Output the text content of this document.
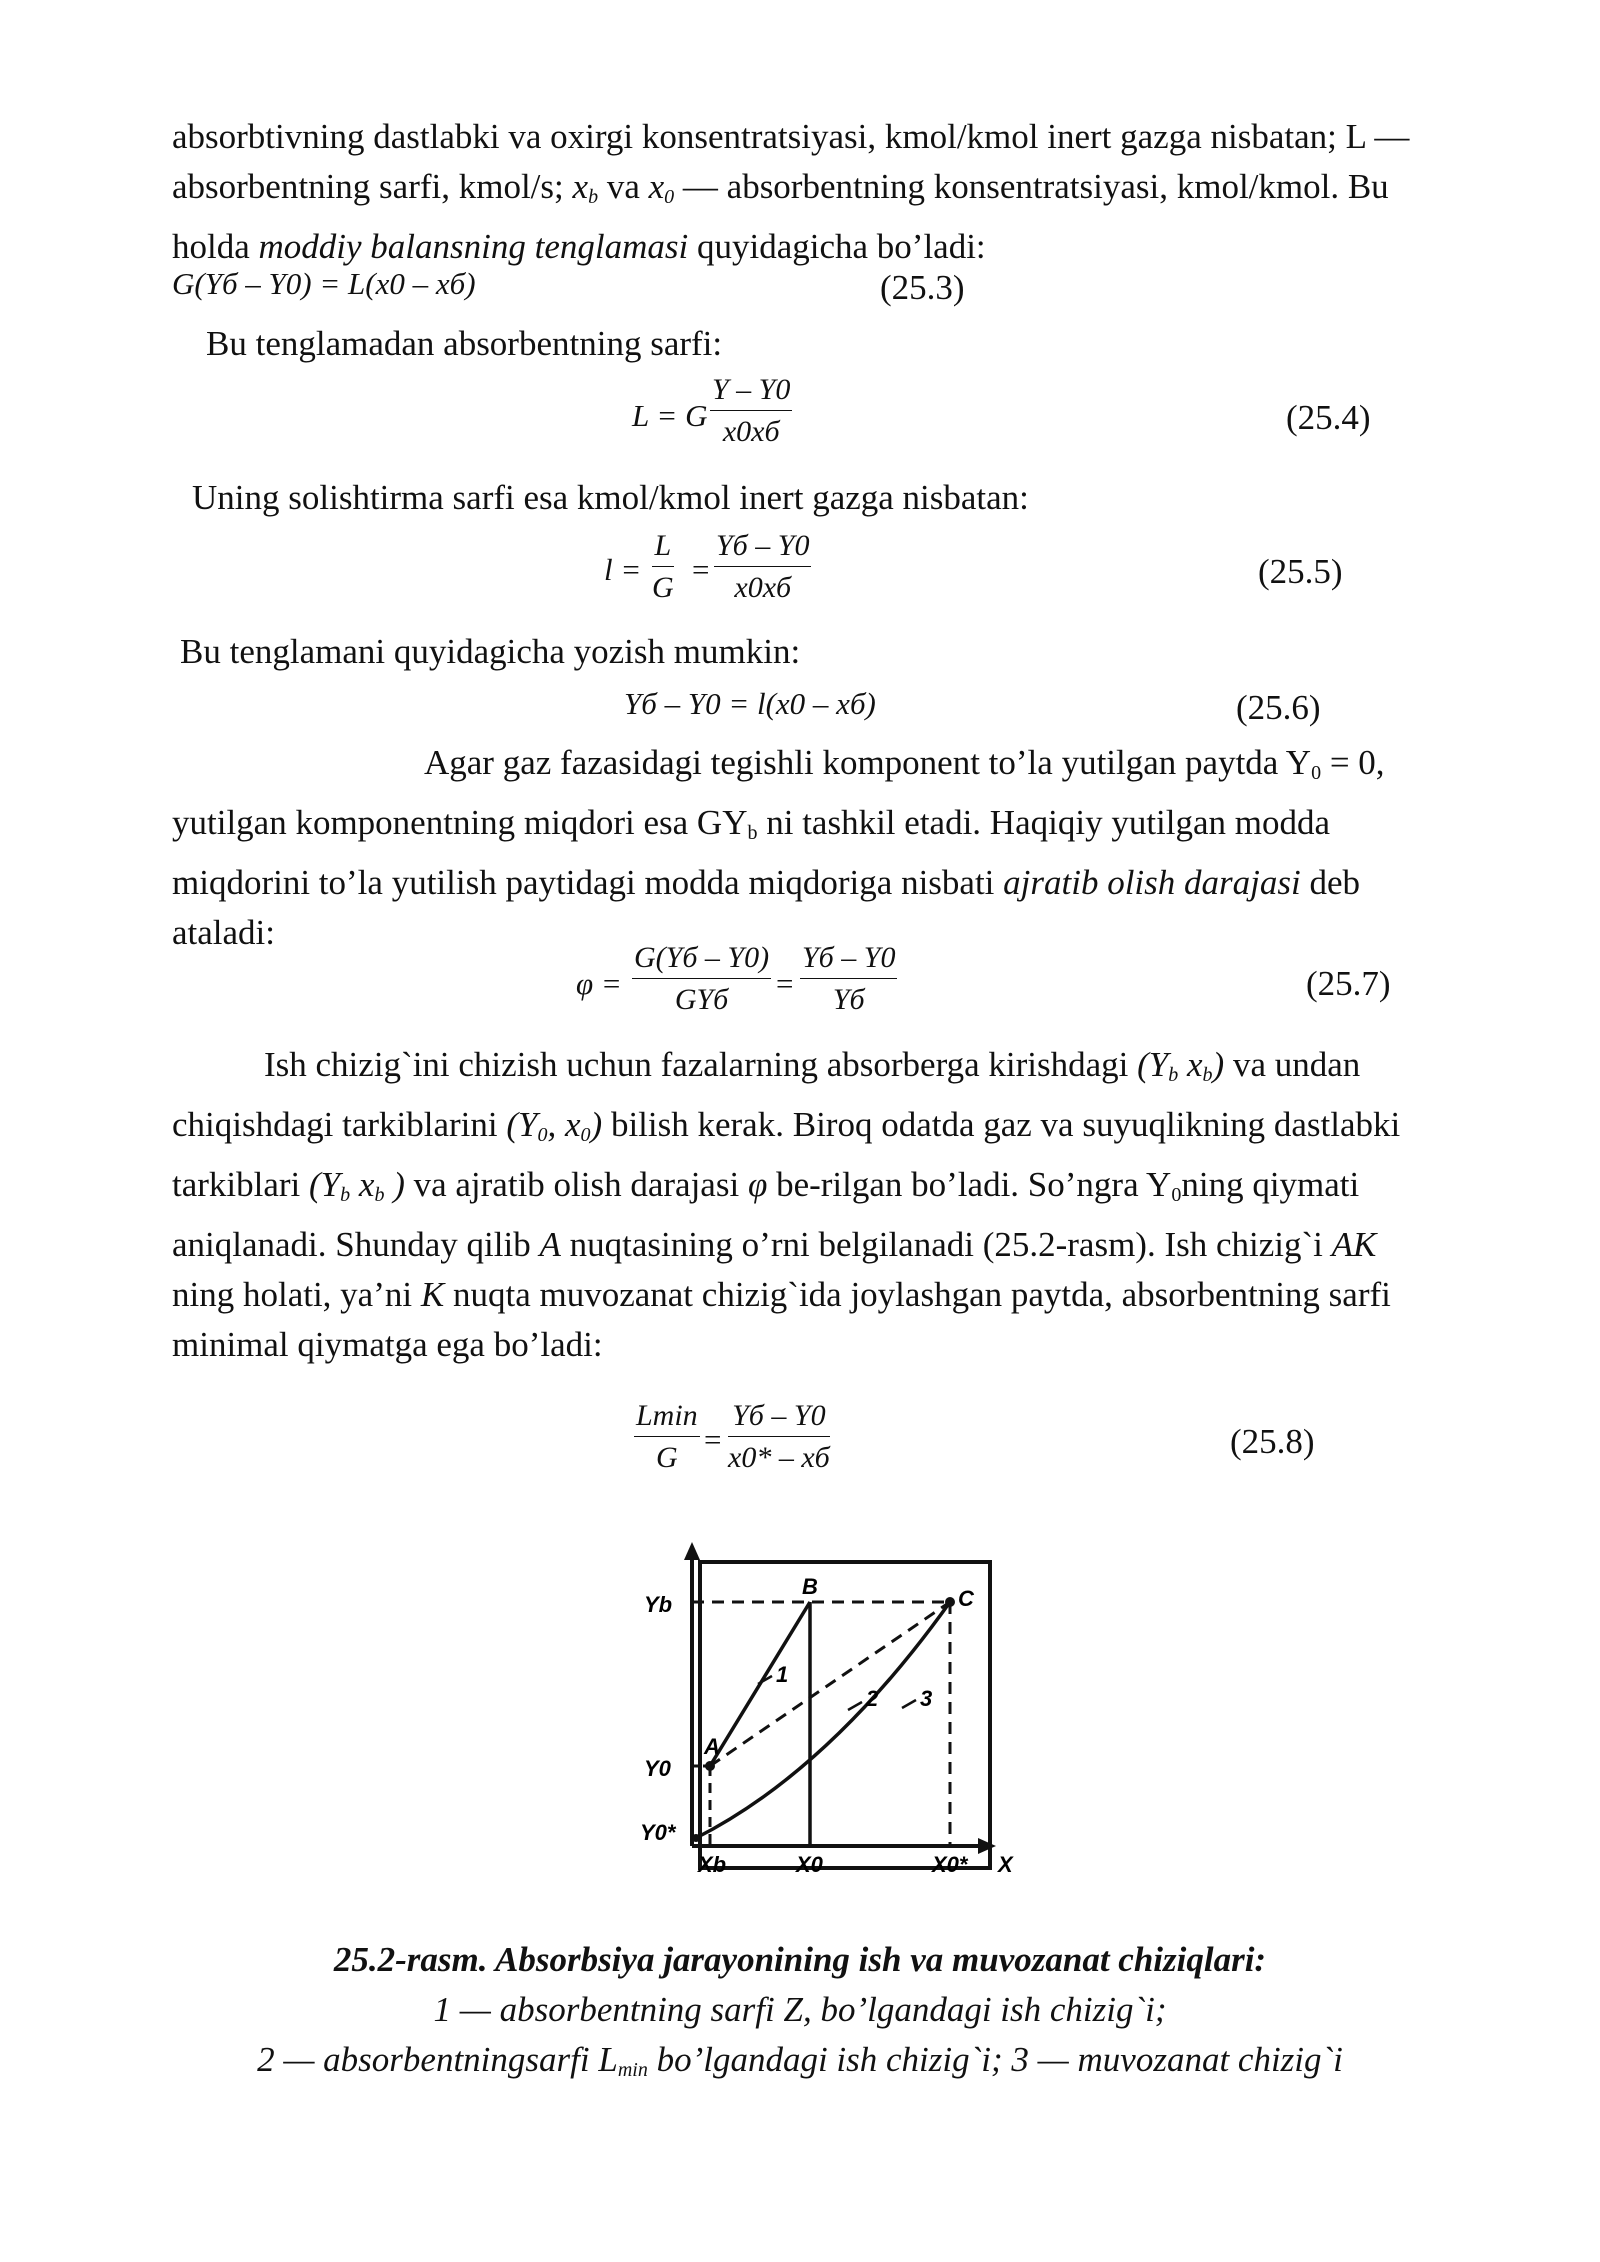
absorbtivning dastlabki va oxirgi konsentratsiyasi, kmol/kmol inert gazga nisbatan; L —
absorbentning sarfi, kmol/s; $x_b$ va $x_0$ — absorbentning konsentratsiyasi, kmol/kmol. Bu
holda moddiy balansning tenglamasi quyidagicha bo’ladi:
G(Yб – Y0) = L(x0 – xб)	(25.3)
Bu tenglamadan absorbentning sarfi:
L = G
Y – Y0
x0xб	(25.4)
Uning solishtirma sarfi esa kmol/kmol inert gazga nisbatan:
$l = \frac{L}{G}$ =
Yб – Y0
x0xб	(25.5)
Bu tenglamani quyidagicha yozish mumkin:
Yб – Y0 = l(x0 – xб)	(25.6)
Agar gaz fazasidagi tegishli komponent to’la yutilgan paytda $Y_0 = 0$,
yutilgan komponentning miqdori esa $GY_b$ ni tashkil etadi. Haqiqiy yutilgan modda
miqdorini to’la yutilish paytidagi modda miqdoriga nisbati ajratib olish darajasi deb
ataladi:
φ =
G(Yб – Y0)
GYб	=
Yб – Y0
Yб	(25.7)
Ish chizig`ini chizish uchun fazalarning absorberga kirishdagi ($Y_b$ $x_b$) va undan
chiqishdagi tarkiblarini ($Y_0$, $x_0$) bilish kerak. Biroq odatda gaz va suyuqlikning dastlabki
tarkiblari ($Y_b$ $x_b$ ) va ajratib olish darajasi φ be-rilgan bo’ladi. So’ngra $Y_0ning$ qiymati
aniqlanadi. Shunday qilib A nuqtasining o’rni belgilanadi (25.2-rasm). Ish chizig`i AK
ning holati, ya’ni K nuqta muvozanat chizig`ida joylashgan paytda, absorbentning sarfi
minimal qiymatga ega bo’ladi:
Lmin
G
=
Yб – Y0
x0* – xб	(25.8)
Yb
Y0
Y0*
Xb	X0	X0* X
A
B	C
1
2 3
25.2-rasm. Absorbsiya jarayonining ish va muvozanat chiziqlari:
1 — absorbentning sarfi Z, bo’lgandagi ish chizig`i;
2 — absorbentningsarfi $L_{min}$ bo’lgandagi ish chizig`i; 3 — muvozanat chizig`i
